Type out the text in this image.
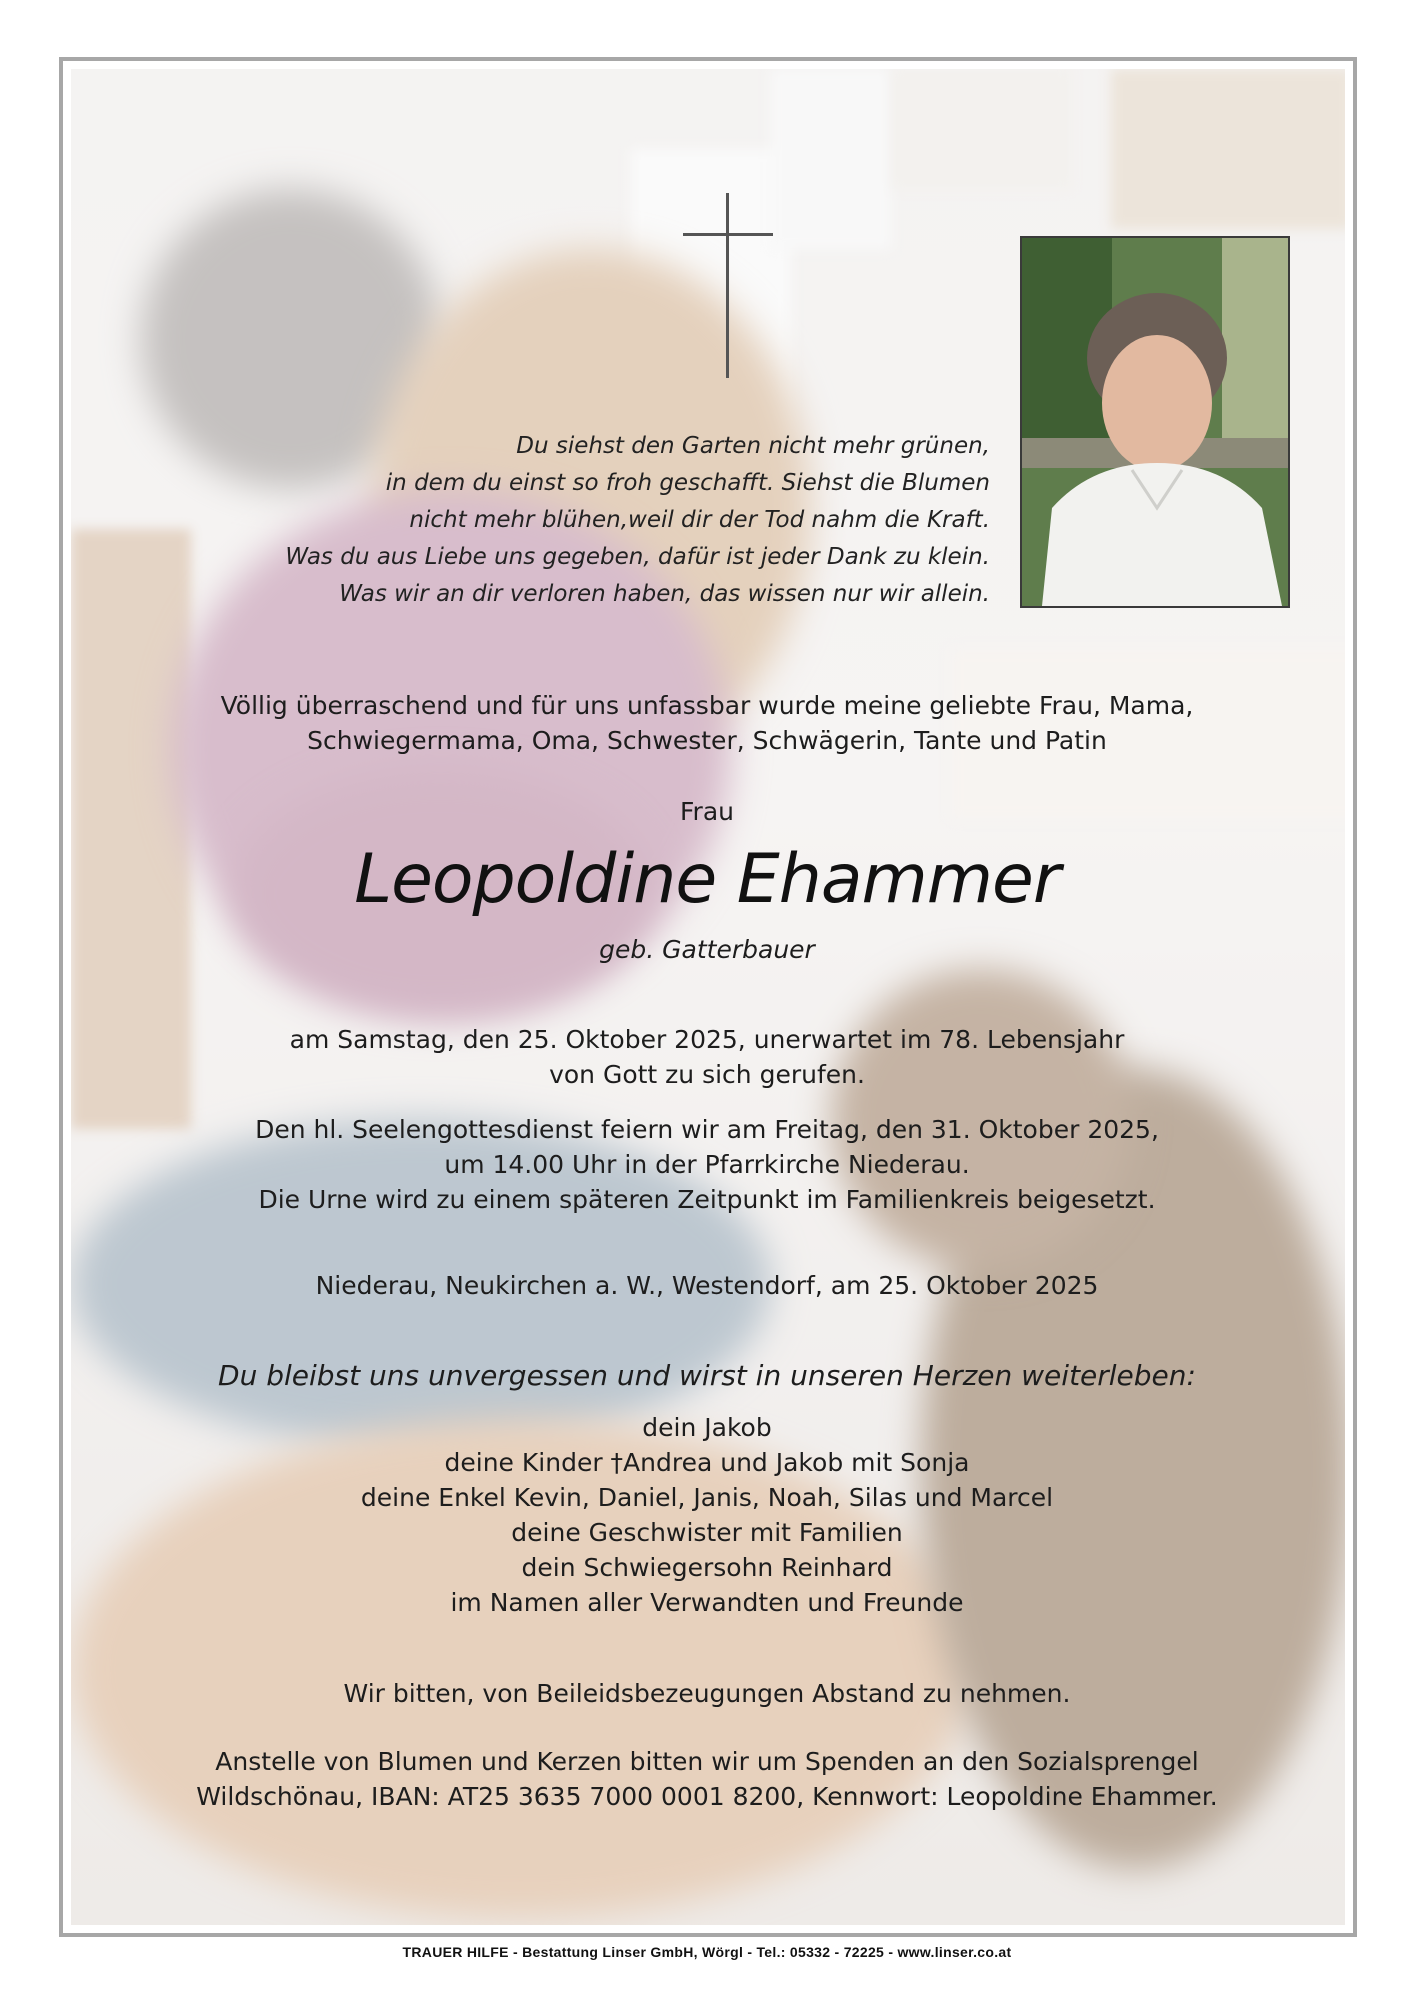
Du siehst den Garten nicht mehr grünen,
in dem du einst so froh geschafft. Siehst die Blumen
nicht mehr blühen,weil dir der Tod nahm die Kraft.
Was du aus Liebe uns gegeben, dafür ist jeder Dank zu klein.
Was wir an dir verloren haben, das wissen nur wir allein.
Völlig überraschend und für uns unfassbar wurde meine geliebte Frau, Mama,
Schwiegermama, Oma, Schwester, Schwägerin, Tante und Patin
Frau
Leopoldine Ehammer
geb. Gatterbauer
am Samstag, den 25. Oktober 2025, unerwartet im 78. Lebensjahr
von Gott zu sich gerufen.
Den hl. Seelengottesdienst feiern wir am Freitag, den 31. Oktober 2025,
um 14.00 Uhr in der Pfarrkirche Niederau.
Die Urne wird zu einem späteren Zeitpunkt im Familienkreis beigesetzt.
Niederau, Neukirchen a. W., Westendorf, am 25. Oktober 2025
Du bleibst uns unvergessen und wirst in unseren Herzen weiterleben:
dein Jakob
deine Kinder †Andrea und Jakob mit Sonja
deine Enkel Kevin, Daniel, Janis, Noah, Silas und Marcel
deine Geschwister mit Familien
dein Schwiegersohn Reinhard
im Namen aller Verwandten und Freunde
Wir bitten, von Beileidsbezeugungen Abstand zu nehmen.
Anstelle von Blumen und Kerzen bitten wir um Spenden an den Sozialsprengel
Wildschönau, IBAN: AT25 3635 7000 0001 8200, Kennwort: Leopoldine Ehammer.
TRAUER HILFE - Bestattung Linser GmbH, Wörgl - Tel.: 05332 - 72225 - www.linser.co.at
